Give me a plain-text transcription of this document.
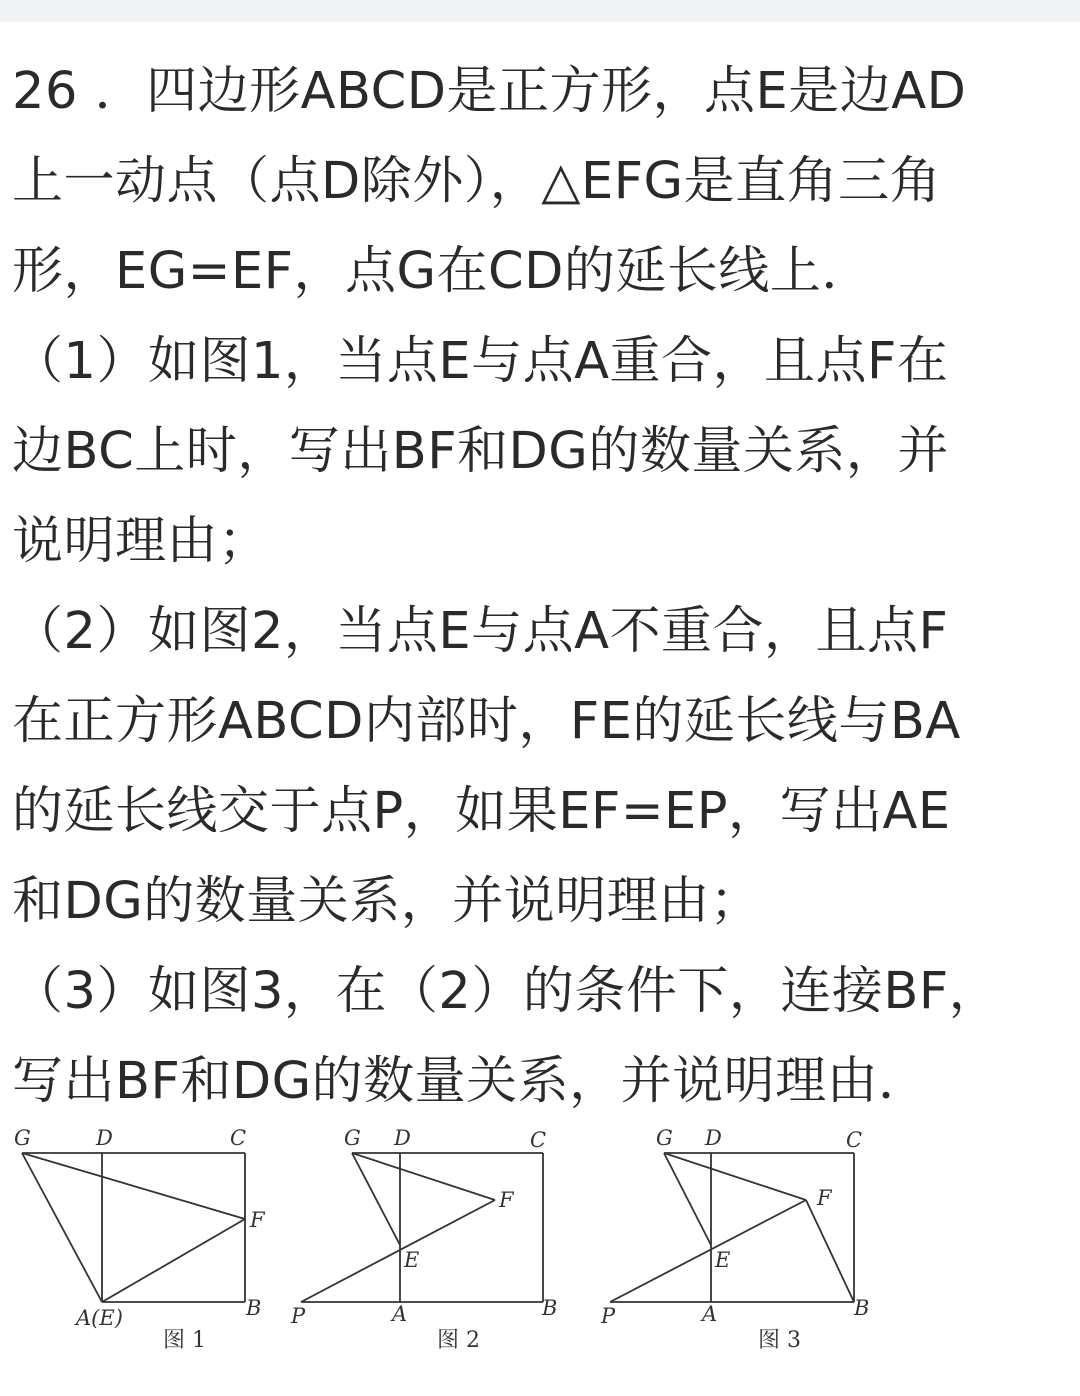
26 ．四边形ABCD是正方形，点E是边AD
上一动点（点D除外），△EFG是直角三角
形，EG=EF，点G在CD的延长线上．
（1）如图1，当点E与点A重合，且点F在
边BC上时，写出BF和DG的数量关系，并
说明理由；
（2）如图2，当点E与点A不重合，且点F
在正方形ABCD内部时，FE的延长线与BA
的延长线交于点P，如果EF=EP，写出AE
和DG的数量关系，并说明理由；
（3）如图3，在（2）的条件下，连接BF，
写出BF和DG的数量关系，并说明理由．
G	D	C
F
A(E)	B
图 1
G D	C
F
E
P	A	B
图 2
G D	C
F
E
P	A	B
图 3
